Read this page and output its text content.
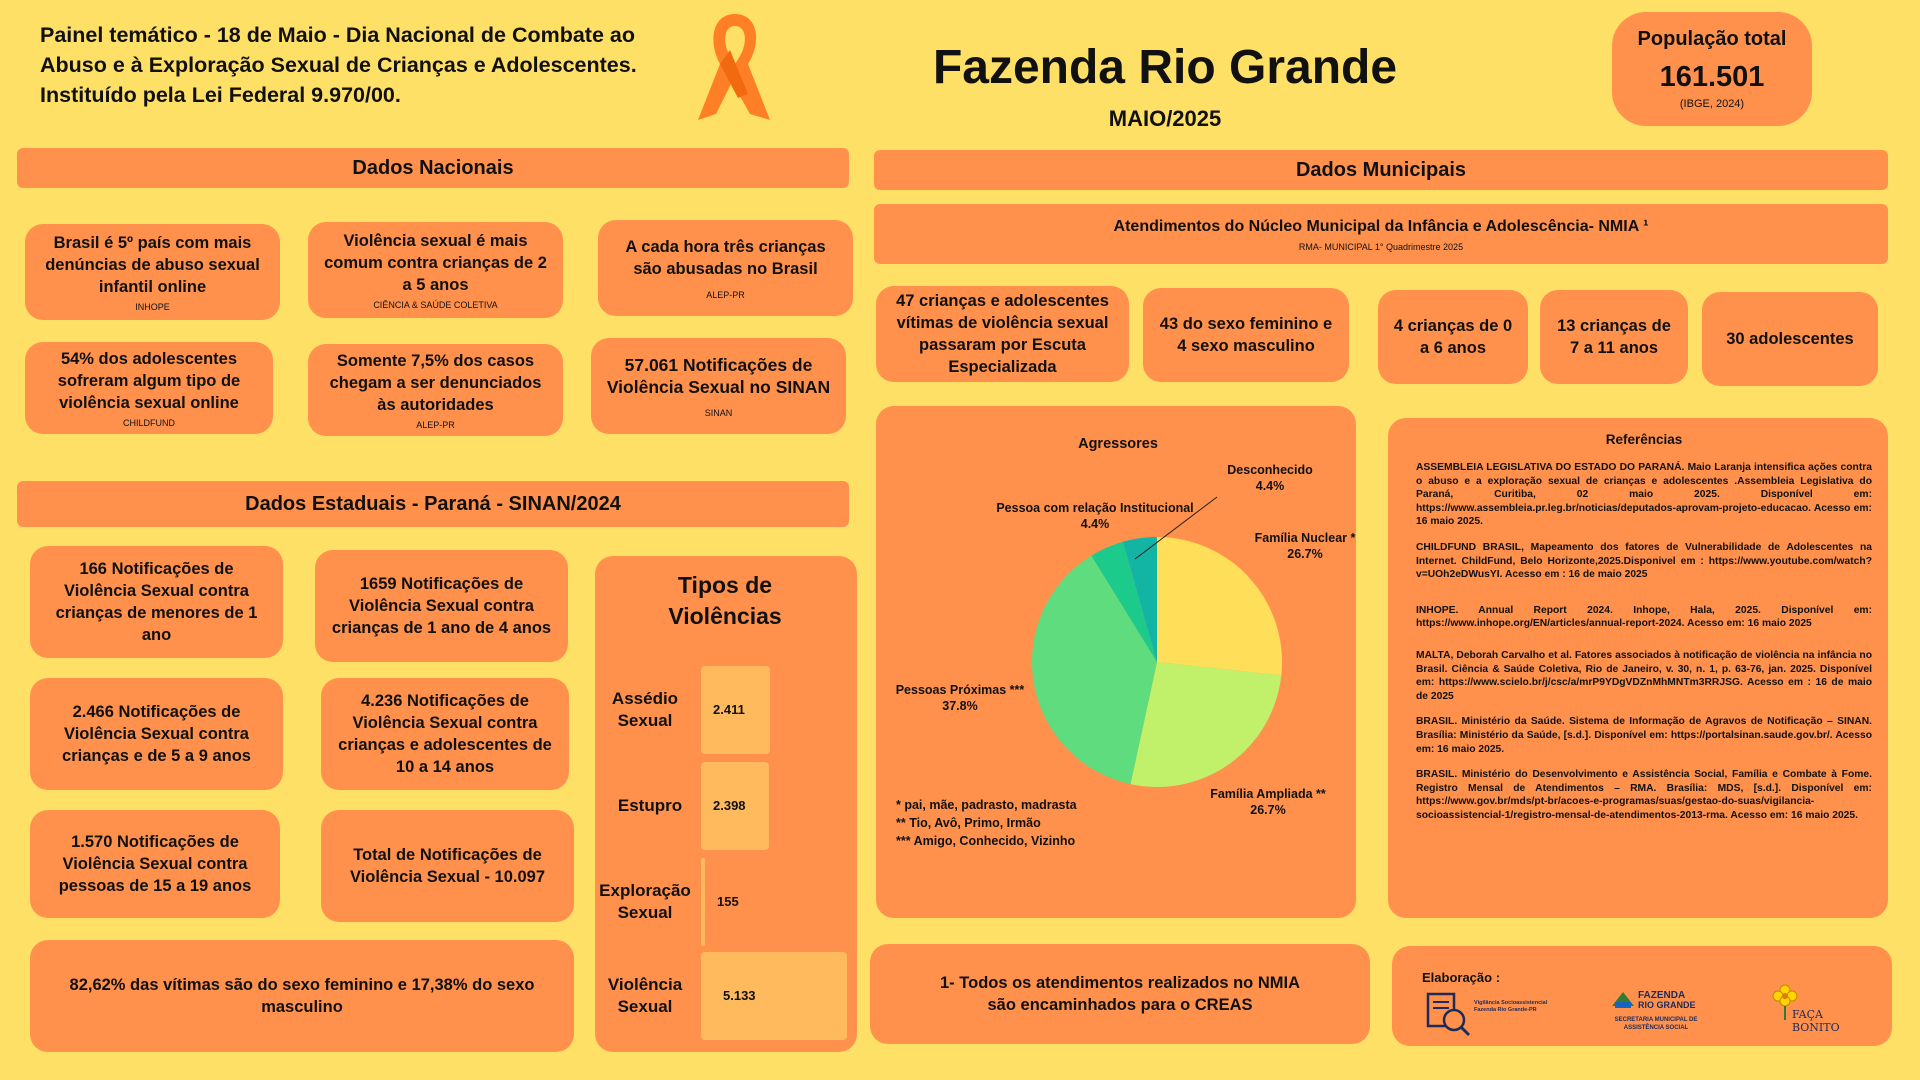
Painel temático - 18 de Maio - Dia Nacional de Combate ao Abuso e à Exploração Sexual de Crianças e Adolescentes. Instituído pela Lei Federal 9.970/00.
Fazenda Rio Grande
MAIO/2025
População total
161.501
(IBGE, 2024)
Dados Nacionais
Brasil é 5º país com mais denúncias de abuso sexual infantil online
INHOPE
Violência sexual é mais comum contra crianças de 2 a 5 anos
CIÊNCIA & SAÚDE COLETIVA
A cada hora três crianças são abusadas no Brasil
ALEP-PR
54% dos adolescentes sofreram algum tipo de violência sexual online
CHILDFUND
Somente 7,5% dos casos chegam a ser denunciados às autoridades
ALEP-PR
57.061 Notificações de Violência Sexual no SINAN
SINAN
Dados Estaduais - Paraná - SINAN/2024
166 Notificações de Violência Sexual contra crianças de menores de 1 ano
1659 Notificações de Violência Sexual contra crianças de 1 ano de 4 anos
2.466 Notificações de Violência Sexual contra crianças e de 5 a 9 anos
4.236 Notificações de Violência Sexual contra crianças e adolescentes de 10 a 14 anos
1.570 Notificações de Violência Sexual contra pessoas de 15 a 19 anos
Total de Notificações de Violência Sexual - 10.097
82,62% das vítimas são do sexo feminino e 17,38% do sexo masculino
Tipos de Violências
Assédio Sexual
2.411
Estupro	2.398
Exploração Sexual
155
Violência Sexual
5.133
Dados Municipais
Atendimentos do Núcleo Municipal da Infância e Adolescência- NMIA ¹
RMA- MUNICIPAL 1° Quadrimestre 2025
47 crianças e adolescentes vítimas de violência sexual passaram por Escuta Especializada
43 do sexo feminino e 4 sexo masculino
4 crianças de 0 a 6 anos
13 crianças de 7 a 11 anos	30 adolescentes
Agressores
Desconhecido
4.4%
Pessoa com relação Institucional
4.4%
Família Nuclear *
26.7%
Pessoas Próximas ***
37.8%
Família Ampliada **
26.7%
* pai, mãe, padrasto, madrasta
** Tio, Avô, Primo, Irmão
*** Amigo, Conhecido, Vizinho
Referências

ASSEMBLEIA LEGISLATIVA DO ESTADO DO PARANÁ. Maio Laranja intensifica ações contra o abuso e a exploração sexual de crianças e adolescentes .Assembleia Legislativa do Paraná, Curitiba, 02 maio 2025. Disponível em: https://www.assembleia.pr.leg.br/noticias/deputados-aprovam-projeto-educacao. Acesso em: 16 maio 2025.

CHILDFUND BRASIL, Mapeamento dos fatores de Vulnerabilidade de Adolescentes na Internet. ChildFund, Belo Horizonte,2025.Disponivel em : https://www.youtube.com/watch?v=UOh2eDWusYI. Acesso em : 16 de maio 2025

INHOPE. Annual Report 2024. Inhope, Hala, 2025. Disponível em: https://www.inhope.org/EN/articles/annual-report-2024. Acesso em: 16 maio 2025

MALTA, Deborah Carvalho et al. Fatores associados à notificação de violência na infância no Brasil. Ciência & Saúde Coletiva, Rio de Janeiro, v. 30, n. 1, p. 63-76, jan. 2025. Disponível em: https://www.scielo.br/j/csc/a/mrP9YDgVDZnMhMNTm3RRJSG. Acesso em : 16 de maio de 2025

BRASIL. Ministério da Saúde. Sistema de Informação de Agravos de Notificação – SINAN. Brasília: Ministério da Saúde, [s.d.]. Disponível em: https://portalsinan.saude.gov.br/. Acesso em: 16 maio 2025.

BRASIL. Ministério do Desenvolvimento e Assistência Social, Família e Combate à Fome. Registro Mensal de Atendimentos – RMA. Brasília: MDS, [s.d.]. Disponível em: https://www.gov.br/mds/pt-br/acoes-e-programas/suas/gestao-do-suas/vigilancia-socioassistencial-1/registro-mensal-de-atendimentos-2013-rma. Acesso em: 16 maio 2025.

1- Todos os atendimentos realizados no NMIA são encaminhados para o CREAS
Elaboração :
Vigilância Socioassistencial Fazenda Rio Grande-PR
FAZENDA
RIO GRANDE
SECRETARIA MUNICIPAL DE ASSISTÊNCIA SOCIAL
FAÇA BONITO
